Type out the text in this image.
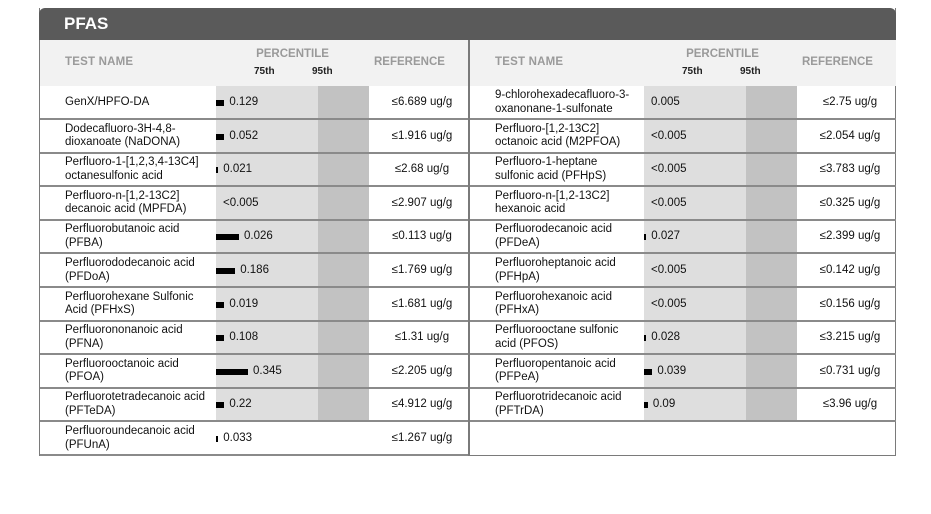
PFAS
TEST NAME
PERCENTILE
75th	95th
REFERENCE
GenX/HPFO-DA	0.129	≤6.689 ug/g
Dodecafluoro-3H-4,8-
dioxanoate (NaDONA)
0.052	≤1.916 ug/g
Perfluoro-1-[1,2,3,4-13C4]
octanesulfonic acid
0.021	≤2.68 ug/g
Perfluoro-n-[1,2-13C2]
decanoic acid (MPFDA)
<0.005	≤2.907 ug/g
Perfluorobutanoic acid
(PFBA)
0.026	≤0.113 ug/g
Perfluorododecanoic acid
(PFDoA)
0.186	≤1.769 ug/g
Perfluorohexane Sulfonic
Acid (PFHxS)
0.019	≤1.681 ug/g
Perfluorononanoic acid
(PFNA)
0.108	≤1.31 ug/g
Perfluorooctanoic acid
(PFOA)
0.345	≤2.205 ug/g
Perfluorotetradecanoic acid
(PFTeDA)
0.22	≤4.912 ug/g
Perfluoroundecanoic acid
(PFUnA)
0.033	≤1.267 ug/g
TEST NAME
PERCENTILE
75th	95th
REFERENCE
9-chlorohexadecafluoro-3-
oxanonane-1-sulfonate
0.005	≤2.75 ug/g
Perfluoro-[1,2-13C2]
octanoic acid (M2PFOA)
<0.005	≤2.054 ug/g
Perfluoro-1-heptane
sulfonic acid (PFHpS)
<0.005	≤3.783 ug/g
Perfluoro-n-[1,2-13C2]
hexanoic acid
<0.005	≤0.325 ug/g
Perfluorodecanoic acid
(PFDeA)
0.027	≤2.399 ug/g
Perfluoroheptanoic acid
(PFHpA)
<0.005	≤0.142 ug/g
Perfluorohexanoic acid
(PFHxA)
<0.005	≤0.156 ug/g
Perfluorooctane sulfonic
acid (PFOS)
0.028	≤3.215 ug/g
Perfluoropentanoic acid
(PFPeA)
0.039	≤0.731 ug/g
Perfluorotridecanoic acid
(PFTrDA)
0.09	≤3.96 ug/g
